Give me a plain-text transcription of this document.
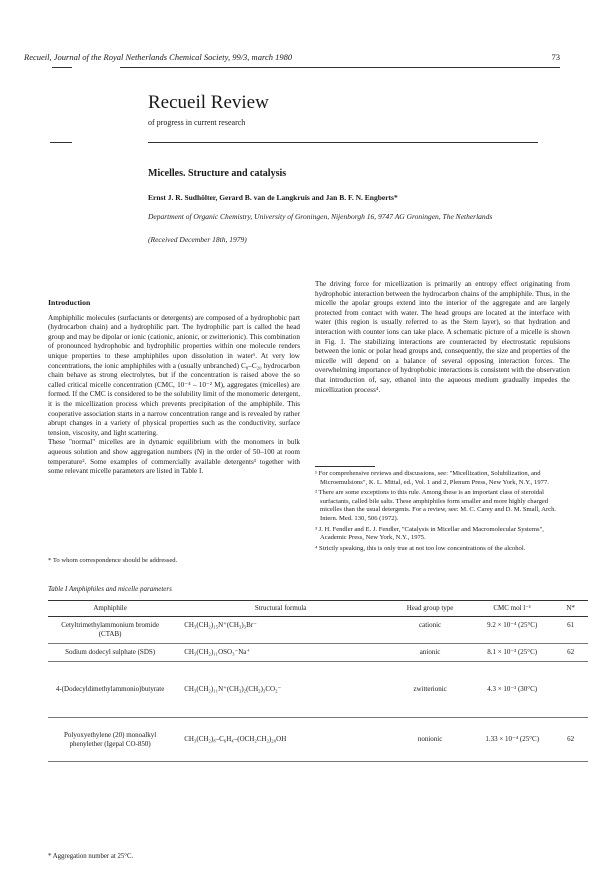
Recueil, Journal of the Royal Netherlands Chemical Society, 99/3, march 1980	73
Recueil Review
of progress in current research
Micelles. Structure and catalysis
Ernst J. R. Sudhölter, Gerard B. van de Langkruis and Jan B. F. N. Engberts*
Department of Organic Chemistry, University of Groningen, Nijenborgh 16, 9747 AG Groningen, The Netherlands
(Received December 18th, 1979)

Introduction

Amphiphilic molecules (surfactants or detergents) are composed of a hydrophobic part (hydrocarbon chain) and a hydrophilic part. The hydrophilic part is called the head group and may be dipolar or ionic (cationic, anionic, or zwitterionic). This combination of pronounced hydrophobic and hydrophilic properties within one molecule renders unique properties to these amphiphiles upon dissolution in water¹. At very low concentrations, the ionic amphiphiles with a (usually unbranched) C₈–C₂₀ hydrocarbon chain behave as strong electrolytes, but if the concentration is raised above the so called critical micelle concentration (CMC, 10⁻⁴ – 10⁻² M), aggregates (micelles) are formed. If the CMC is considered to be the solubility limit of the monomeric detergent, it is the micellization process which prevents precipitation of the amphiphile. This cooperative association starts in a narrow concentration range and is revealed by rather abrupt changes in a variety of physical properties such as the conductivity, surface tension, viscosity, and light scattering.

These "normal" micelles are in dynamic equilibrium with the monomers in bulk aqueous solution and show aggregation numbers (N) in the order of 50–100 at room temperature². Some examples of commercially available detergents³ together with some relevant micelle parameters are listed in Table I.

* To whom correspondence should be addressed.

The driving force for micellization is primarily an entropy effect originating from hydrophobic interaction between the hydrocarbon chains of the amphiphile. Thus, in the micelle the apolar groups extend into the interior of the aggregate and are largely protected from contact with water. The head groups are located at the interface with water (this region is usually referred to as the Stern layer), so that hydration and interaction with counter ions can take place. A schematic picture of a micelle is shown in Fig. 1. The stabilizing interactions are counteracted by electrostatic repulsions between the ionic or polar head groups and, consequently, the size and properties of the micelle will depend on a balance of several opposing interaction forces. The overwhelming importance of hydrophobic interactions is consistent with the observation that introduction of, say, ethanol into the aqueous medium gradually impedes the micellization process⁴.

¹ For comprehensive reviews and discussions, see: "Micellization, Solubilization, and Microemulsions", K. L. Mittal, ed., Vol. 1 and 2, Plenum Press, New York, N.Y., 1977.

² There are some exceptions to this rule. Among these is an important class of steroidal surfactants, called bile salts. These amphiphiles form smaller and more highly charged micelles than the usual detergents. For a review, see: M. C. Carey and D. M. Small, Arch. Intern. Med. 130, 506 (1972).

³ J. H. Fendler and E. J. Fendler, "Catalysis in Micellar and Macromolecular Systems", Academic Press, New York, N.Y., 1975.

⁴ Strictly speaking, this is only true at not too low concentrations of the alcohol.

Table I Amphiphiles and micelle parameters
Amphiphile	Structural formula	Head group type	CMC mol l⁻¹	N*
Cetyltrimethylammonium bromide (CTAB)	CH₃(CH₂)₁₅N⁺(CH₃)₃Br⁻	cationic	9.2 × 10⁻⁴ (25°C)	61
Sodium dodecyl sulphate (SDS)	CH₃(CH₂)₁₁OSO₃⁻Na⁺	anionic	8.1 × 10⁻³ (25°C)	62
4-(Dodecyldimethylammonio)butyrate	CH₃(CH₂)₁₁N⁺(CH₃)₂(CH₂)₃CO₂⁻	zwitterionic	4.3 × 10⁻³ (30°C)	
Polyoxyethylene (20) monoalkyl phenylether (Igepal CO-850)	CH₃(CH₂)₈–C₆H₄–(OCH₂CH₂)₂₀OH	nonionic	1.33 × 10⁻⁴ (25°C)	62
* Aggregation number at 25°C.
